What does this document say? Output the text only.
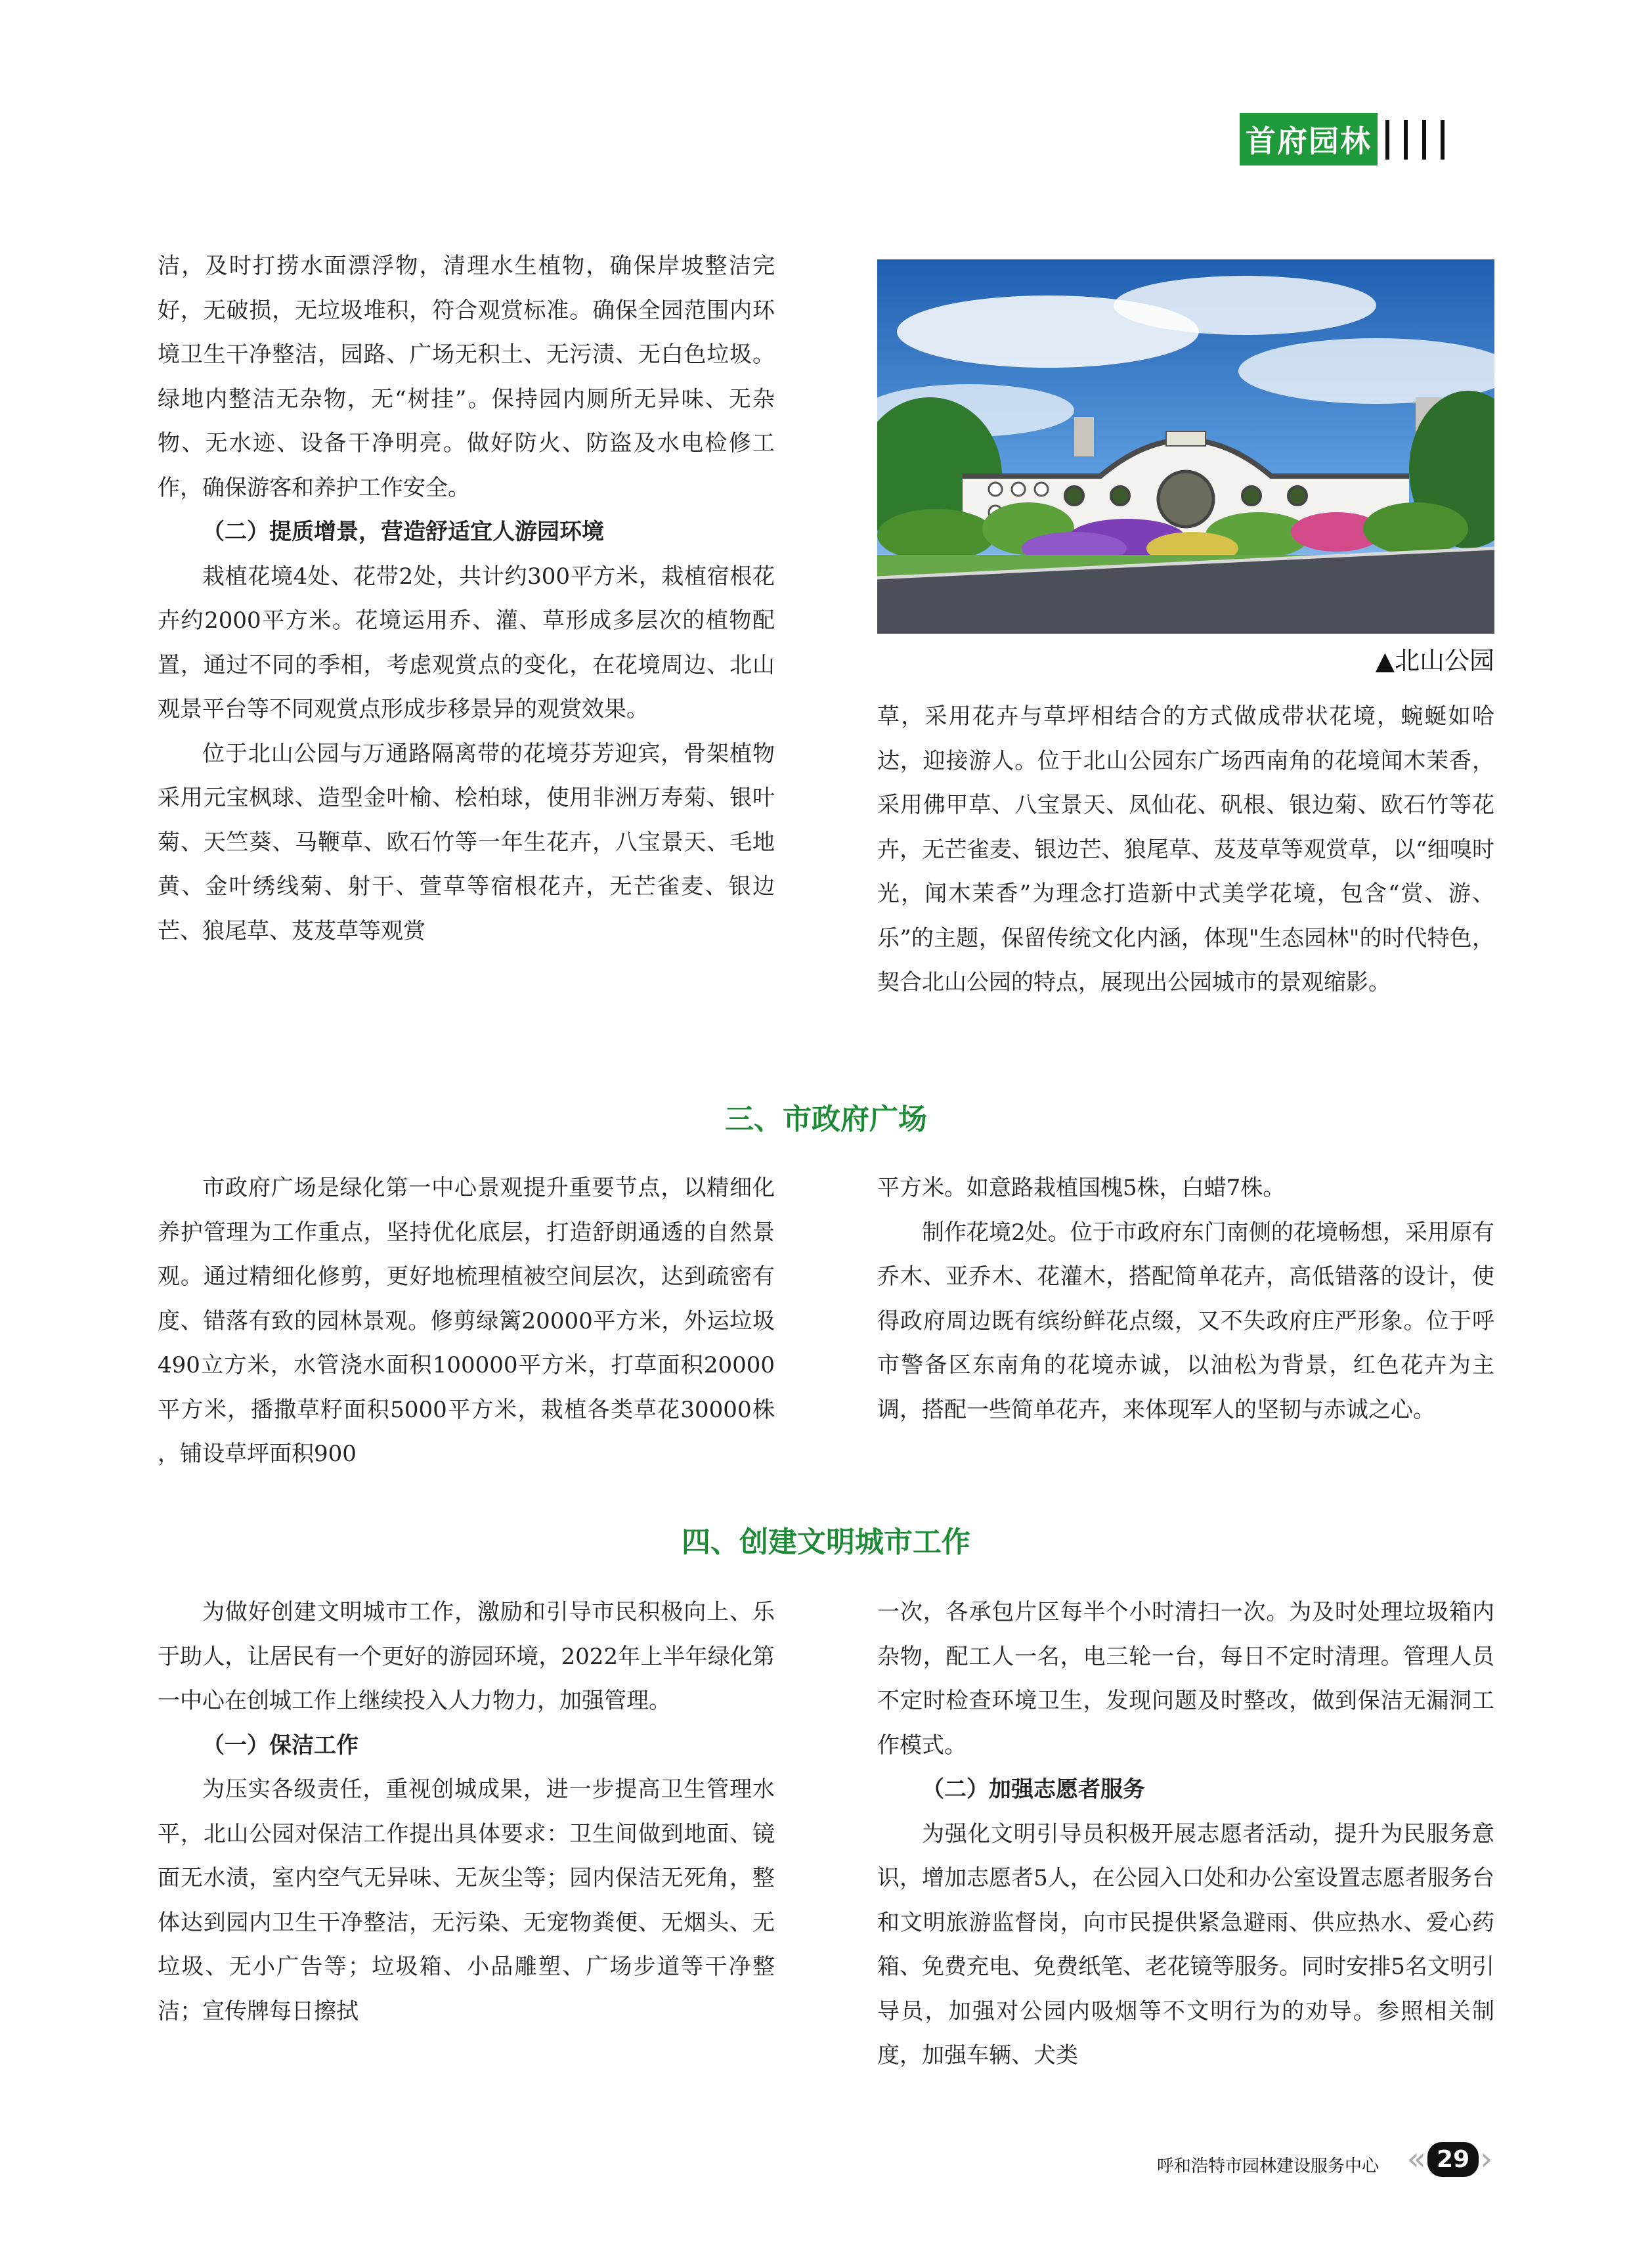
首府园林

洁，及时打捞水面漂浮物，清理水生植物，确保岸坡整洁完好，无破损，无垃圾堆积，符合观赏标准。确保全园范围内环境卫生干净整洁，园路、广场无积土、无污渍、无白色垃圾。绿地内整洁无杂物，无“树挂”。保持园内厕所无异味、无杂物、无水迹、设备干净明亮。做好防火、防盗及水电检修工作，确保游客和养护工作安全。

（二）提质增景，营造舒适宜人游园环境

栽植花境4处、花带2处，共计约300平方米，栽植宿根花卉约2000平方米。花境运用乔、灌、草形成多层次的植物配置，通过不同的季相，考虑观赏点的变化，在花境周边、北山观景平台等不同观赏点形成步移景异的观赏效果。

位于北山公园与万通路隔离带的花境芬芳迎宾，骨架植物采用元宝枫球、造型金叶榆、桧柏球，使用非洲万寿菊、银叶菊、天竺葵、马鞭草、欧石竹等一年生花卉，八宝景天、毛地黄、金叶绣线菊、射干、萱草等宿根花卉，无芒雀麦、银边芒、狼尾草、芨芨草等观赏

草，采用花卉与草坪相结合的方式做成带状花境，蜿蜒如哈达，迎接游人。位于北山公园东广场西南角的花境闻木茉香，采用佛甲草、八宝景天、凤仙花、矾根、银边菊、欧石竹等花卉，无芒雀麦、银边芒、狼尾草、芨芨草等观赏草，以“细嗅时光，闻木茉香”为理念打造新中式美学花境，包含“赏、游、乐”的主题，保留传统文化内涵，体现"生态园林"的时代特色，契合北山公园的特点，展现出公园城市的景观缩影。

▲北山公园
三、市政府广场

市政府广场是绿化第一中心景观提升重要节点，以精细化养护管理为工作重点，坚持优化底层，打造舒朗通透的自然景观。通过精细化修剪，更好地梳理植被空间层次，达到疏密有度、错落有致的园林景观。修剪绿篱20000平方米，外运垃圾490立方米，水管浇水面积100000平方米，打草面积20000平方米，播撒草籽面积5000平方米，栽植各类草花30000株 ，铺设草坪面积900

平方米。如意路栽植国槐5株，白蜡7株。

制作花境2处。位于市政府东门南侧的花境畅想，采用原有乔木、亚乔木、花灌木，搭配简单花卉，高低错落的设计，使得政府周边既有缤纷鲜花点缀，又不失政府庄严形象。位于呼市警备区东南角的花境赤诚，以油松为背景，红色花卉为主调，搭配一些简单花卉，来体现军人的坚韧与赤诚之心。

四、创建文明城市工作

为做好创建文明城市工作，激励和引导市民积极向上、乐于助人，让居民有一个更好的游园环境，2022年上半年绿化第一中心在创城工作上继续投入人力物力，加强管理。

（一）保洁工作

为压实各级责任，重视创城成果，进一步提高卫生管理水平，北山公园对保洁工作提出具体要求：卫生间做到地面、镜面无水渍，室内空气无异味、无灰尘等；园内保洁无死角，整体达到园内卫生干净整洁，无污染、无宠物粪便、无烟头、无垃圾、无小广告等；垃圾箱、小品雕塑、广场步道等干净整洁；宣传牌每日擦拭

一次，各承包片区每半个小时清扫一次。为及时处理垃圾箱内杂物，配工人一名，电三轮一台，每日不定时清理。管理人员不定时检查环境卫生，发现问题及时整改，做到保洁无漏洞工作模式。

（二）加强志愿者服务

为强化文明引导员积极开展志愿者活动，提升为民服务意识，增加志愿者5人，在公园入口处和办公室设置志愿者服务台和文明旅游监督岗，向市民提供紧急避雨、供应热水、爱心药箱、免费充电、免费纸笔、老花镜等服务。同时安排5名文明引导员，加强对公园内吸烟等不文明行为的劝导。参照相关制度，加强车辆、犬类

呼和浩特市园林建设服务中心 « 29 ›
